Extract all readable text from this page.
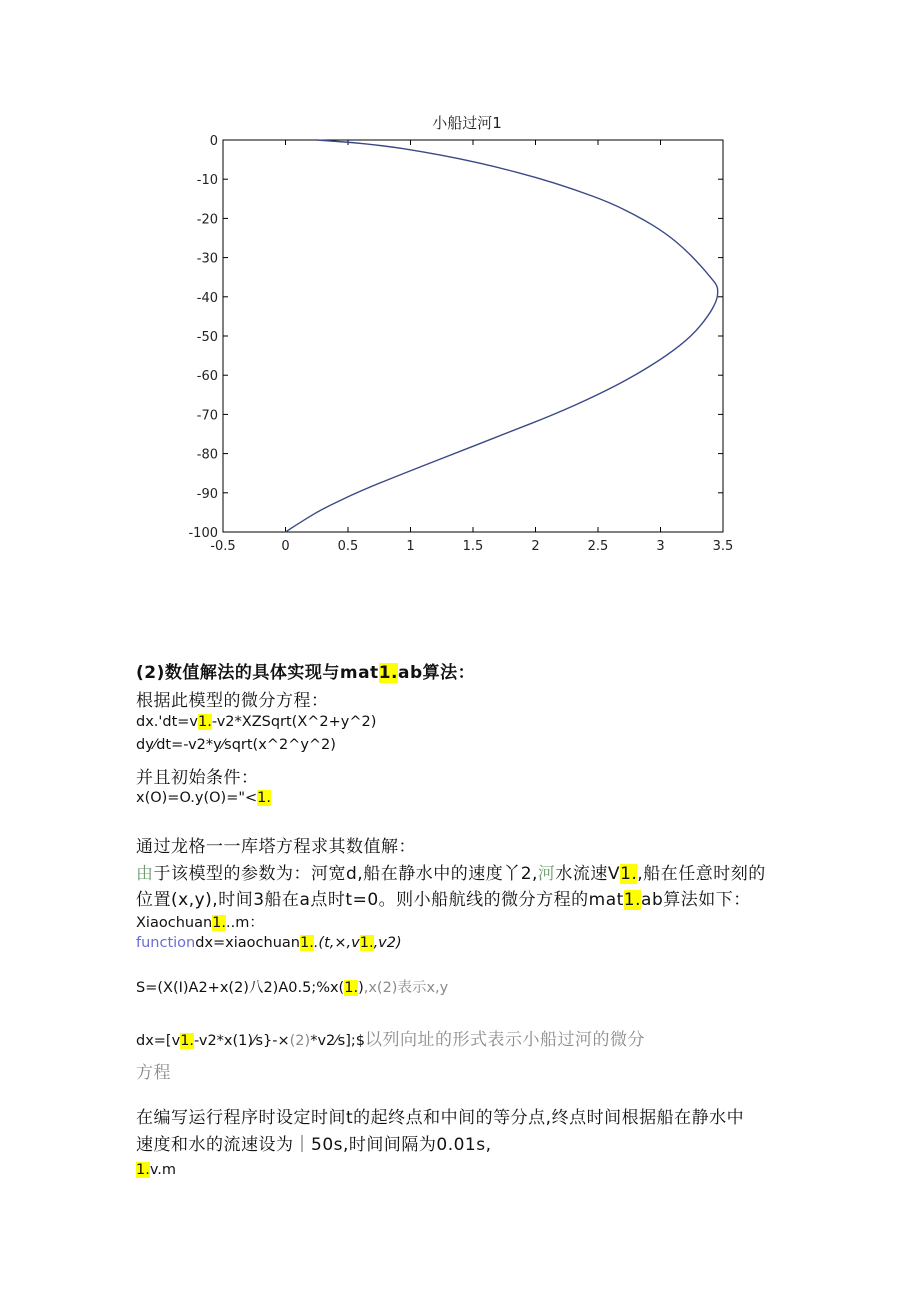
小船过河1
-0.5	0	0.5	1	1.5	2	2.5	3	3.5
0
-10
-20
-30
-40
-50
-60
-70
-80
-90
-100
(2)数值解法的具体实现与mat1.ab算法：
根据此模型的微分方程：
dx.'dt=v1.-v2*XZSqrt(X^2+y^2)
dy⁄dt=-v2*y⁄sqrt(x^2^y^2)
并且初始条件：
x(O)=O.y(O)="<1.
通过龙格一一库塔方程求其数值解：
由于该模型的参数为：河宽d,船在静水中的速度丫2,河水流速V1.,船在任意时刻的
位置(x,y),时间3船在a点时t=0。则小船航线的微分方程的mat1.ab算法如下：
Xiaochuan1...m：
functiondx=xiaochuan1..(t,×,v1.,v2)
S=(X(I)A2+x(2)八2)A0.5;%x(1.),x(2)表示x,y
dx=[v1.-v2*x(1)⁄s}-×(2)*v2⁄s];$以列向址的形式表示小船过河的微分
方程
在编写运行程序时设定时间t的起终点和中间的等分点,终点时间根据船在静水中
速度和水的流速设为｜50s,时间间隔为0.01s,
1.v.m
